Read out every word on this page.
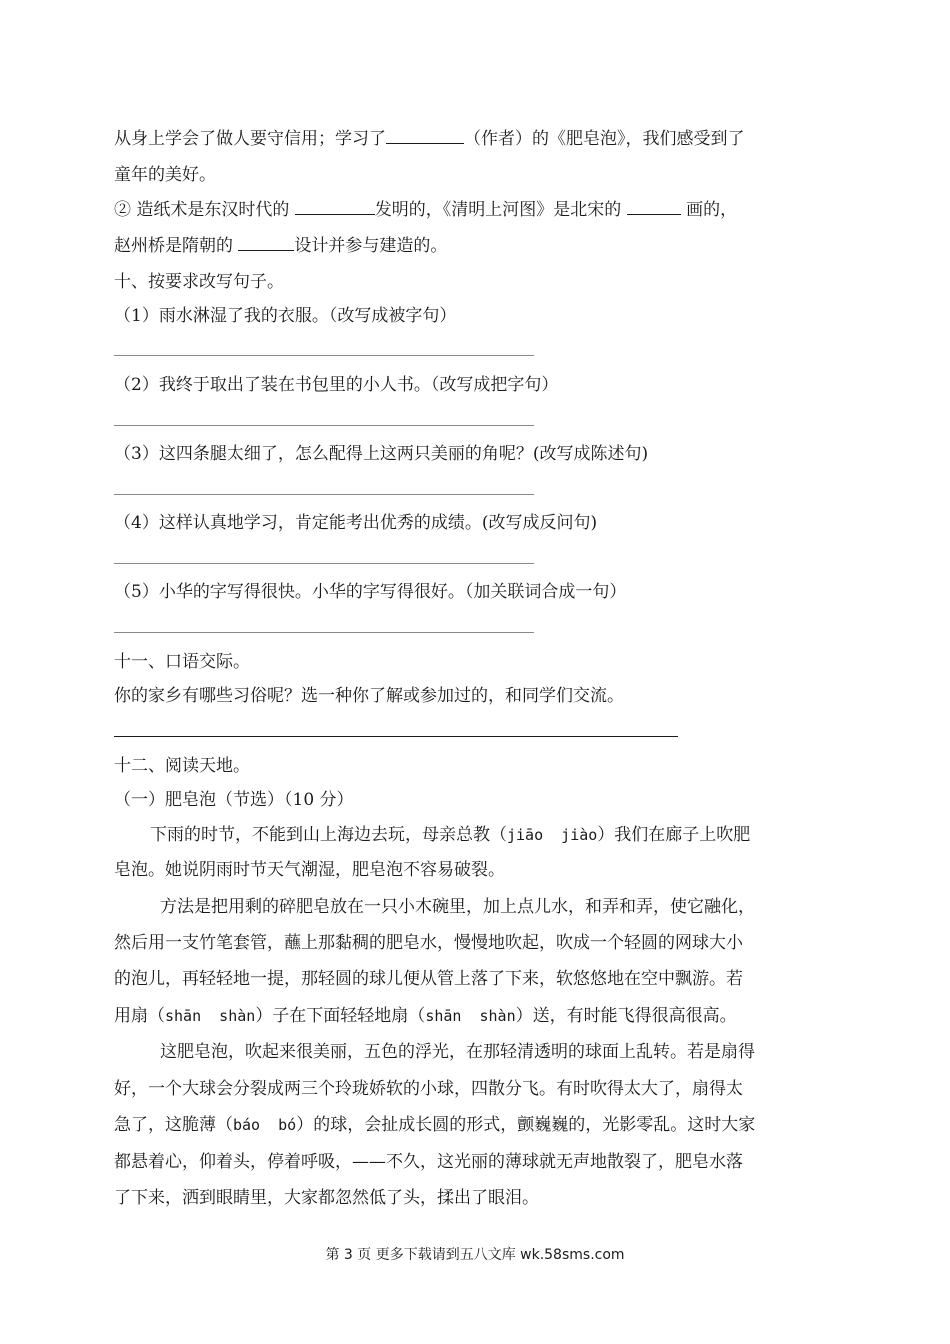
从身上学会了做人要守信用；学习了	（作者）的《肥皂泡》，我们感受到了
童年的美好。
② 造纸术是东汉时代的	发明的，《清明上河图》是北宋的	画的，
赵州桥是隋朝的	设计并参与建造的。
十、按要求改写句子。
（1）雨水淋湿了我的衣服。（改写成被字句）
（2）我终于取出了装在书包里的小人书。（改写成把字句）
（3）这四条腿太细了，怎么配得上这两只美丽的角呢？(改写成陈述句)
（4）这样认真地学习，肯定能考出优秀的成绩。(改写成反问句)
（5）小华的字写得很快。小华的字写得很好。（加关联词合成一句）
十一、口语交际。
你的家乡有哪些习俗呢？选一种你了解或参加过的，和同学们交流。
十二、阅读天地。
（一）肥皂泡（节选）（10 分）
下雨的时节，不能到山上海边去玩，母亲总教（jiāo  jiào）我们在廊子上吹肥
皂泡。她说阴雨时节天气潮湿，肥皂泡不容易破裂。
方法是把用剩的碎肥皂放在一只小木碗里，加上点儿水，和弄和弄，使它融化，
然后用一支竹笔套管，蘸上那黏稠的肥皂水，慢慢地吹起，吹成一个轻圆的网球大小
的泡儿，再轻轻地一提，那轻圆的球儿便从管上落了下来，软悠悠地在空中飘游。若
用扇（shān  shàn）子在下面轻轻地扇（shān  shàn）送，有时能飞得很高很高。
这肥皂泡，吹起来很美丽，五色的浮光，在那轻清透明的球面上乱转。若是扇得
好，一个大球会分裂成两三个玲珑娇软的小球，四散分飞。有时吹得太大了，扇得太
急了，这脆薄（báo  bó）的球，会扯成长圆的形式，颤巍巍的，光影零乱。这时大家
都悬着心，仰着头，停着呼吸，——不久，这光丽的薄球就无声地散裂了，肥皂水落
了下来，洒到眼睛里，大家都忽然低了头，揉出了眼泪。
第 3 页 更多下载请到五八文库 wk.58sms.com
